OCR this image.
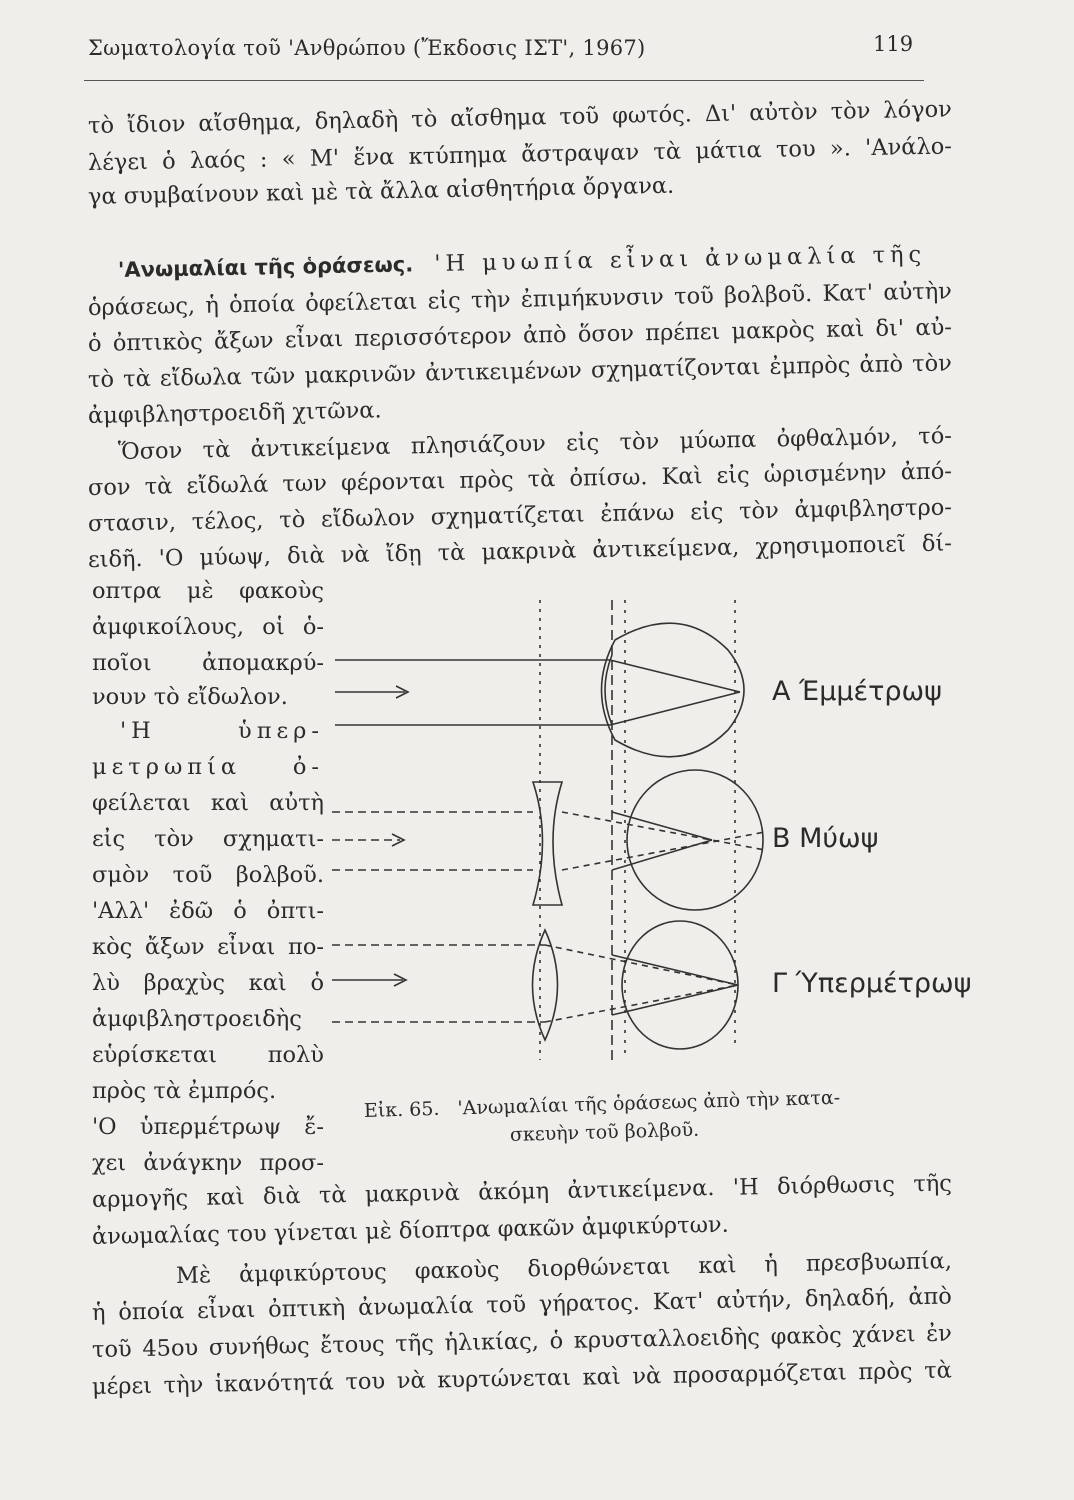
Σωματολογία τοῦ 'Ανθρώπου (Ἔκδοσις ΙΣΤ', 1967)	119
τὸ ἴδιον αἴσθημα, δηλαδὴ τὸ αἴσθημα τοῦ φωτός. Δι' αὐτὸν τὸν λόγον
λέγει ὁ λαός : « Μ' ἕνα κτύπημα ἄστραψαν τὰ μάτια του ». 'Ανάλο-
γα συμβαίνουν καὶ μὲ τὰ ἄλλα αἰσθητήρια ὄργανα.
'Ανωμαλίαι τῆς ὁράσεως. 'Η μυωπία εἶναι ἀνωμαλία τῆς
ὁράσεως, ἡ ὁποία ὀφείλεται εἰς τὴν ἐπιμήκυνσιν τοῦ βολβοῦ. Κατ' αὐτὴν
ὁ ὀπτικὸς ἄξων εἶναι περισσότερον ἀπὸ ὅσον πρέπει μακρὸς καὶ δι' αὐ-
τὸ τὰ εἴδωλα τῶν μακρινῶν ἀντικειμένων σχηματίζονται ἐμπρὸς ἀπὸ τὸν
ἀμφιβληστροειδῆ χιτῶνα.
Ὅσον τὰ ἀντικείμενα πλησιάζουν εἰς τὸν μύωπα ὀφθαλμόν, τό-
σον τὰ εἴδωλά των φέρονται πρὸς τὰ ὀπίσω. Καὶ εἰς ὡρισμένην ἀπό-
στασιν, τέλος, τὸ εἴδωλον σχηματίζεται ἐπάνω εἰς τὸν ἀμφιβληστρο-
ειδῆ. 'Ο μύωψ, διὰ νὰ ἴδῃ τὰ μακρινὰ ἀντικείμενα, χρησιμοποιεῖ δί-
οπτρα μὲ φακοὺς
ἀμφικοίλους, οἱ ὁ-
ποῖοι ἀπομακρύ-
νουν τὸ εἴδωλον.
'Η ὑπερ-
μετρωπία ὀ-
φείλεται καὶ αὐτὴ
εἰς τὸν σχηματι-
σμὸν τοῦ βολβοῦ.
'Αλλ' ἐδῶ ὁ ὀπτι-
κὸς ἄξων εἶναι πο-
λὺ βραχὺς καὶ ὁ
ἀμφιβληστροειδὴς
εὑρίσκεται πολὺ
πρὸς τὰ ἐμπρός.
'Ο ὑπερμέτρωψ ἔ-
χει ἀνάγκην προσ-
Α Έμμέτρωψ
Β Μύωψ
Γ Ύπερμέτρωψ
Εἰκ. 65. 'Ανωμαλίαι τῆς ὁράσεως ἀπὸ τὴν κατα-
σκευὴν τοῦ βολβοῦ.
αρμογῆς καὶ διὰ τὰ μακρινὰ ἀκόμη ἀντικείμενα. 'Η διόρθωσις τῆς
ἀνωμαλίας του γίνεται μὲ δίοπτρα φακῶν ἀμφικύρτων.
Μὲ ἀμφικύρτους φακοὺς διορθώνεται καὶ ἡ πρεσβυωπία,
ἡ ὁποία εἶναι ὀπτικὴ ἀνωμαλία τοῦ γήρατος. Κατ' αὐτήν, δηλαδή, ἀπὸ
τοῦ 45ου συνήθως ἔτους τῆς ἡλικίας, ὁ κρυσταλλοειδὴς φακὸς χάνει ἐν
μέρει τὴν ἱκανότητά του νὰ κυρτώνεται καὶ νὰ προσαρμόζεται πρὸς τὰ
